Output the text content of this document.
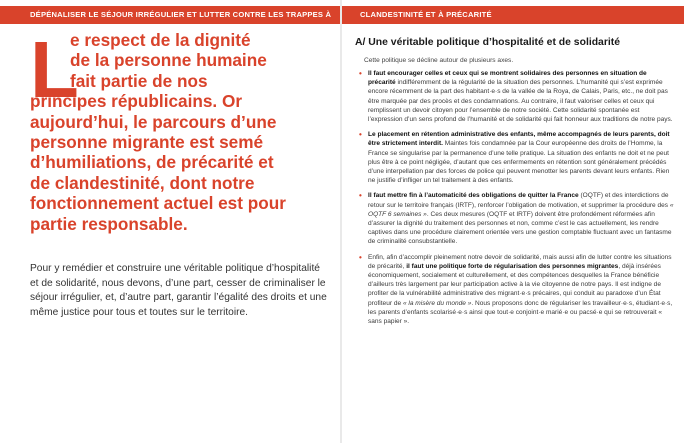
DÉPÉNALISER LE SÉJOUR IRRÉGULIER ET LUTTER CONTRE LES TRAPPES À	CLANDESTINITÉ ET À PRÉCARITÉ
L

e respect de la dignité
de la personne humaine
fait partie de nos
principes républicains. Or
aujourd’hui, le parcours d’une
personne migrante est semé
d’humiliations, de précarité et
de clandestinité, dont notre
fonctionnement actuel est pour
partie responsable.

Pour y remédier et construire une véritable politique d’hospitalité et de solidarité, nous devons, d’une part, cesser de criminaliser le séjour irrégulier, et, d’autre part, garantir l’égalité des droits et une même justice pour tous et toutes sur le territoire.

A/ Une véritable politique d’hospitalité et de solidarité

Cette politique se décline autour de plusieurs axes.

• Il faut encourager celles et ceux qui se montrent solidaires des personnes en situation de précarité indifféremment de la régularité de la situation des personnes. L’humanité qui s’est exprimée encore récemment de la part des habitant·e·s de la vallée de la Roya, de Calais, Paris, etc., ne doit pas être marquée par des procès et des condamnations. Au contraire, il faut valoriser celles et ceux qui remplissent un devoir citoyen pour l’ensemble de notre société. Cette solidarité spontanée est l’expression d’un sens profond de l’humanité et de solidarité qui fait honneur aux traditions de notre pays.
• Le placement en rétention administrative des enfants, même accompagnés de leurs parents, doit être strictement interdit. Maintes fois condamnée par la Cour européenne des droits de l’Homme, la France se singularise par la permanence d’une telle pratique. La situation des enfants ne doit et ne peut plus être à ce point négligée, d’autant que ces enfermements en rétention sont généralement précédés d’une interpellation par des forces de police qui peuvent menotter les parents devant leurs enfants. Rien ne justifie d’infliger un tel traitement à des enfants.
• Il faut mettre fin à l’automaticité des obligations de quitter la France (OQTF) et des interdictions de retour sur le territoire français (IRTF), renforcer l’obligation de motivation, et supprimer la procédure des « OQTF 6 semaines ». Ces deux mesures (OQTF et IRTF) doivent être profondément réformées afin d’assurer la dignité du traitement des personnes et non, comme c’est le cas actuellement, les rendre captives dans une procédure clairement orientée vers une gestion comptable fluctuant avec un fantasme de criminalité consubstantielle.
• Enfin, afin d’accomplir pleinement notre devoir de solidarité, mais aussi afin de lutter contre les situations de précarité, il faut une politique forte de régularisation des personnes migrantes, déjà insérées économiquement, socialement et culturellement, et des compétences desquelles la France bénéficie d’ailleurs très largement par leur participation active à la vie citoyenne de notre pays. Il est indigne de profiter de la vulnérabilité administrative des migrant·e·s précaires, qui conduit au paradoxe d’un État profiteur de « la misère du monde ». Nous proposons donc de régulariser les travailleur·e·s, étudiant·e·s, les parents d’enfants scolarisé·e·s ainsi que tout·e conjoint·e marié·e ou pacsé·e qui se retrouverait « sans papier ».
